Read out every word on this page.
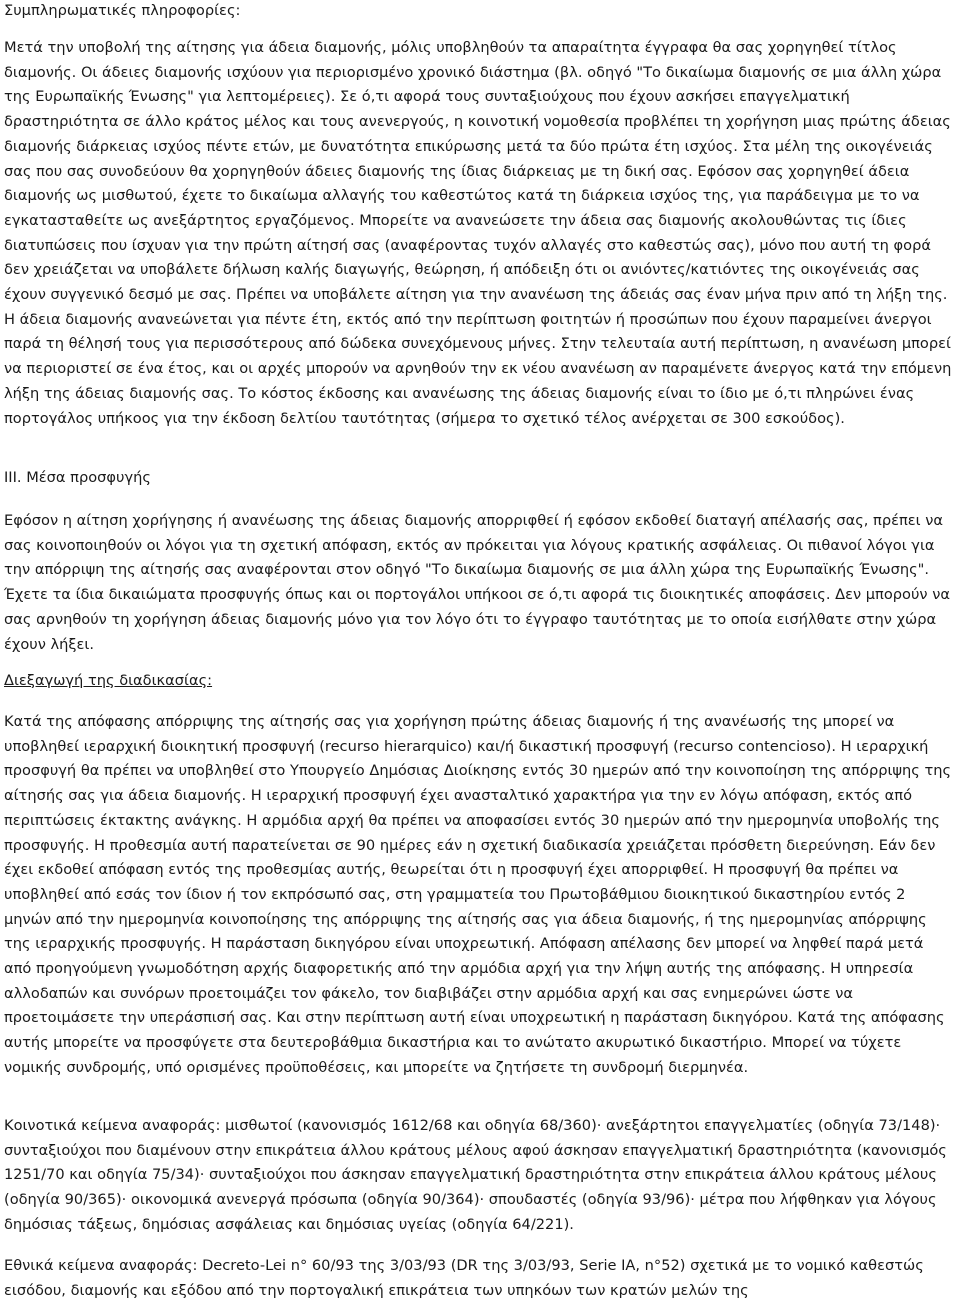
Συμπληρωματικές πληροφορίες:

Μετά την υποβολή της αίτησης για άδεια διαμονής, μόλις υποβληθούν τα απαραίτητα έγγραφα θα σας χορηγηθεί τίτλος διαμονής. Οι άδειες διαμονής ισχύουν για περιορισμένο χρονικό διάστημα (βλ. οδηγό "Το δικαίωμα διαμονής σε μια άλλη χώρα της Ευρωπαϊκής Ένωσης" για λεπτομέρειες). Σε ό,τι αφορά τους συνταξιούχους που έχουν ασκήσει επαγγελματική δραστηριότητα σε άλλο κράτος μέλος και τους ανενεργούς, η κοινοτική νομοθεσία προβλέπει τη χορήγηση μιας πρώτης άδειας διαμονής διάρκειας ισχύος πέντε ετών, με δυνατότητα επικύρωσης μετά τα δύο πρώτα έτη ισχύος. Στα μέλη της οικογένειάς σας που σας συνοδεύουν θα χορηγηθούν άδειες διαμονής της ίδιας διάρκειας με τη δική σας. Εφόσον σας χορηγηθεί άδεια διαμονής ως μισθωτού, έχετε το δικαίωμα αλλαγής του καθεστώτος κατά τη διάρκεια ισχύος της, για παράδειγμα με το να εγκατασταθείτε ως ανεξάρτητος εργαζόμενος. Μπορείτε να ανανεώσετε την άδεια σας διαμονής ακολουθώντας τις ίδιες διατυπώσεις που ίσχυαν για την πρώτη αίτησή σας (αναφέροντας τυχόν αλλαγές στο καθεστώς σας), μόνο που αυτή τη φορά δεν χρειάζεται να υποβάλετε δήλωση καλής διαγωγής, θεώρηση, ή απόδειξη ότι οι ανιόντες/κατιόντες της οικογένειάς σας έχουν συγγενικό δεσμό με σας. Πρέπει να υποβάλετε αίτηση για την ανανέωση της άδειάς σας έναν μήνα πριν από τη λήξη της. Η άδεια διαμονής ανανεώνεται για πέντε έτη, εκτός από την περίπτωση φοιτητών ή προσώπων που έχουν παραμείνει άνεργοι παρά τη θέλησή τους για περισσότερους από δώδεκα συνεχόμενους μήνες. Στην τελευταία αυτή περίπτωση, η ανανέωση μπορεί να περιοριστεί σε ένα έτος, και οι αρχές μπορούν να αρνηθούν την εκ νέου ανανέωση αν παραμένετε άνεργος κατά την επόμενη λήξη της άδειας διαμονής σας. Το κόστος έκδοσης και ανανέωσης της άδειας διαμονής είναι το ίδιο με ό,τι πληρώνει ένας πορτογάλος υπήκοος για την έκδοση δελτίου ταυτότητας (σήμερα το σχετικό τέλος ανέρχεται σε 300 εσκούδος).

III. Μέσα προσφυγής

Εφόσον η αίτηση χορήγησης ή ανανέωσης της άδειας διαμονής απορριφθεί ή εφόσον εκδοθεί διαταγή απέλασής σας, πρέπει να σας κοινοποιηθούν οι λόγοι για τη σχετική απόφαση, εκτός αν πρόκειται για λόγους κρατικής ασφάλειας. Οι πιθανοί λόγοι για την απόρριψη της αίτησής σας αναφέρονται στον οδηγό "Το δικαίωμα διαμονής σε μια άλλη χώρα της Ευρωπαϊκής Ένωσης". Έχετε τα ίδια δικαιώματα προσφυγής όπως και οι πορτογάλοι υπήκοοι σε ό,τι αφορά τις διοικητικές αποφάσεις. Δεν μπορούν να σας αρνηθούν τη χορήγηση άδειας διαμονής μόνο για τον λόγο ότι το έγγραφο ταυτότητας με το οποία εισήλθατε στην χώρα έχουν λήξει.

Διεξαγωγή της διαδικασίας:

Κατά της απόφασης απόρριψης της αίτησής σας για χορήγηση πρώτης άδειας διαμονής ή της ανανέωσής της μπορεί να υποβληθεί ιεραρχική διοικητική προσφυγή (recurso hierarquico) και/ή δικαστική προσφυγή (recurso contencioso). Η ιεραρχική προσφυγή θα πρέπει να υποβληθεί στο Υπουργείο Δημόσιας Διοίκησης εντός 30 ημερών από την κοινοποίηση της απόρριψης της αίτησής σας για άδεια διαμονής. Η ιεραρχική προσφυγή έχει ανασταλτικό χαρακτήρα για την εν λόγω απόφαση, εκτός από περιπτώσεις έκτακτης ανάγκης. Η αρμόδια αρχή θα πρέπει να αποφασίσει εντός 30 ημερών από την ημερομηνία υποβολής της προσφυγής. Η προθεσμία αυτή παρατείνεται σε 90 ημέρες εάν η σχετική διαδικασία χρειάζεται πρόσθετη διερεύνηση. Εάν δεν έχει εκδοθεί απόφαση εντός της προθεσμίας αυτής, θεωρείται ότι η προσφυγή έχει απορριφθεί. Η προσφυγή θα πρέπει να υποβληθεί από εσάς τον ίδιον ή τον εκπρόσωπό σας, στη γραμματεία του Πρωτοβάθμιου διοικητικού δικαστηρίου εντός 2 μηνών από την ημερομηνία κοινοποίησης της απόρριψης της αίτησής σας για άδεια διαμονής, ή της ημερομηνίας απόρριψης της ιεραρχικής προσφυγής. Η παράσταση δικηγόρου είναι υποχρεωτική. Απόφαση απέλασης δεν μπορεί να ληφθεί παρά μετά από προηγούμενη γνωμοδότηση αρχής διαφορετικής από την αρμόδια αρχή για την λήψη αυτής της απόφασης. Η υπηρεσία αλλοδαπών και συνόρων προετοιμάζει τον φάκελο, τον διαβιβάζει στην αρμόδια αρχή και σας ενημερώνει ώστε να προετοιμάσετε την υπεράσπισή σας. Και στην περίπτωση αυτή είναι υποχρεωτική η παράσταση δικηγόρου. Κατά της απόφασης αυτής μπορείτε να προσφύγετε στα δευτεροβάθμια δικαστήρια και το ανώτατο ακυρωτικό δικαστήριο. Μπορεί να τύχετε νομικής συνδρομής, υπό ορισμένες προϋποθέσεις, και μπορείτε να ζητήσετε τη συνδρομή διερμηνέα.

Κοινοτικά κείμενα αναφοράς: μισθωτοί (κανονισμός 1612/68 και οδηγία 68/360)· ανεξάρτητοι επαγγελματίες (οδηγία 73/148)· συνταξιούχοι που διαμένουν στην επικράτεια άλλου κράτους μέλους αφού άσκησαν επαγγελματική δραστηριότητα (κανονισμός 1251/70 και οδηγία 75/34)· συνταξιούχοι που άσκησαν επαγγελματική δραστηριότητα στην επικράτεια άλλου κράτους μέλους (οδηγία 90/365)· οικονομικά ανενεργά πρόσωπα (οδηγία 90/364)· σπουδαστές (οδηγία 93/96)· μέτρα που λήφθηκαν για λόγους δημόσιας τάξεως, δημόσιας ασφάλειας και δημόσιας υγείας (οδηγία 64/221).

Εθνικά κείμενα αναφοράς: Decreto-Lei n° 60/93 της 3/03/93 (DR της 3/03/93, Serie IA, n°52) σχετικά με το νομικό καθεστώς εισόδου, διαμονής και εξόδου από την πορτογαλική επικράτεια των υπηκόων των κρατών μελών της
